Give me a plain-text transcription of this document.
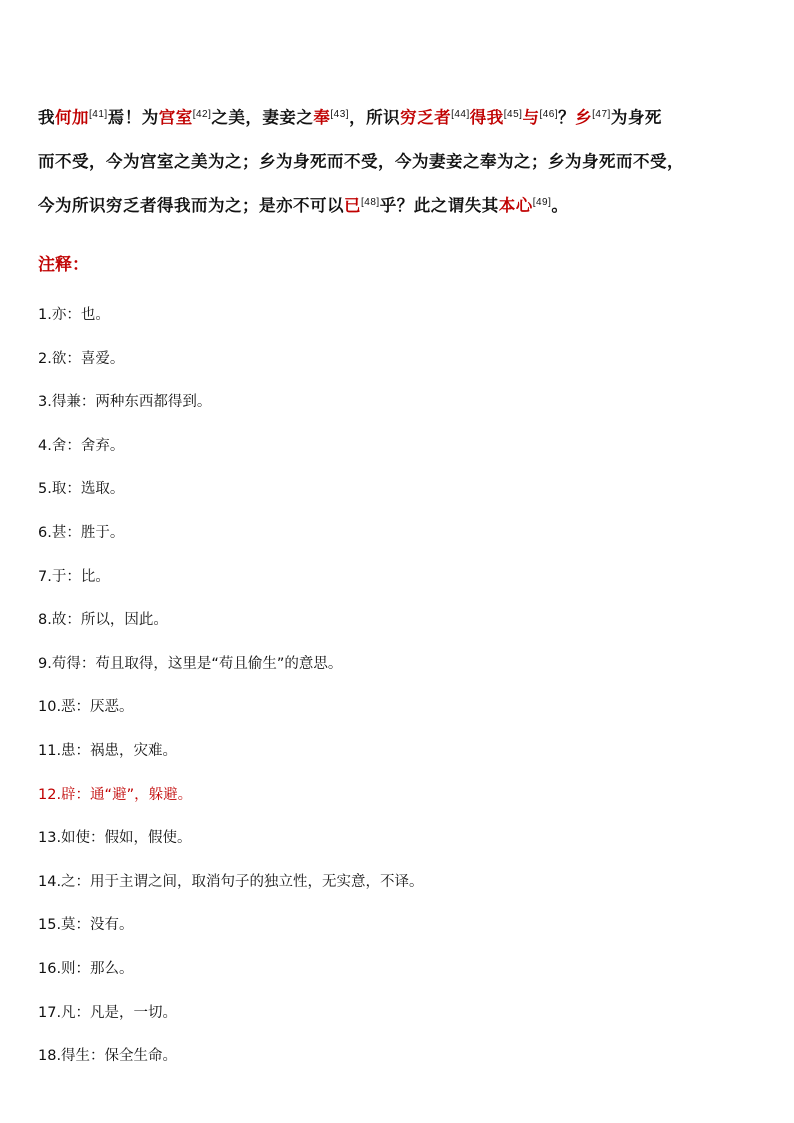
我何加[41]焉！为宫室[42]之美，妻妾之奉[43]，所识穷乏者[44]得我[45]与[46]？乡[47]为身死
而不受，今为宫室之美为之；乡为身死而不受，今为妻妾之奉为之；乡为身死而不受，
今为所识穷乏者得我而为之；是亦不可以已[48]乎？此之谓失其本心[49]。
注释：
1.亦：也。
2.欲：喜爱。
3.得兼：两种东西都得到。
4.舍：舍弃。
5.取：选取。
6.甚：胜于。
7.于：比。
8.故：所以，因此。
9.苟得：苟且取得，这里是“苟且偷生”的意思。
10.恶：厌恶。
11.患：祸患，灾难。
12.辟：通“避”，躲避。
13.如使：假如，假使。
14.之：用于主谓之间，取消句子的独立性，无实意，不译。
15.莫：没有。
16.则：那么。
17.凡：凡是，一切。
18.得生：保全生命。
